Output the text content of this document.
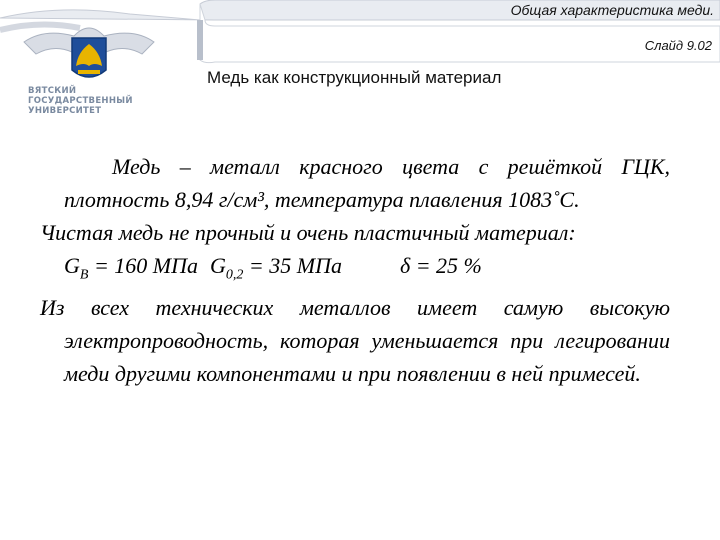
Общая характеристика меди.
Слайд 9.02
ВЯТСКИЙ
ГОСУДАРСТВЕННЫЙ
УНИВЕРСИТЕТ
Медь как конструкционный материал

Медь – металл красного цвета с решёткой ГЦК, плотность 8,94 г/см³, температура плавления 1083˚С.

Чистая медь не прочный и очень пластичный материал:

$G_В = 160$ МПа $G_{0,2} = 35$ МПа	δ = 25 %

Из всех технических металлов имеет самую высокую электропроводность, которая уменьшается при легировании меди другими компонентами и при появлении в ней примесей.
